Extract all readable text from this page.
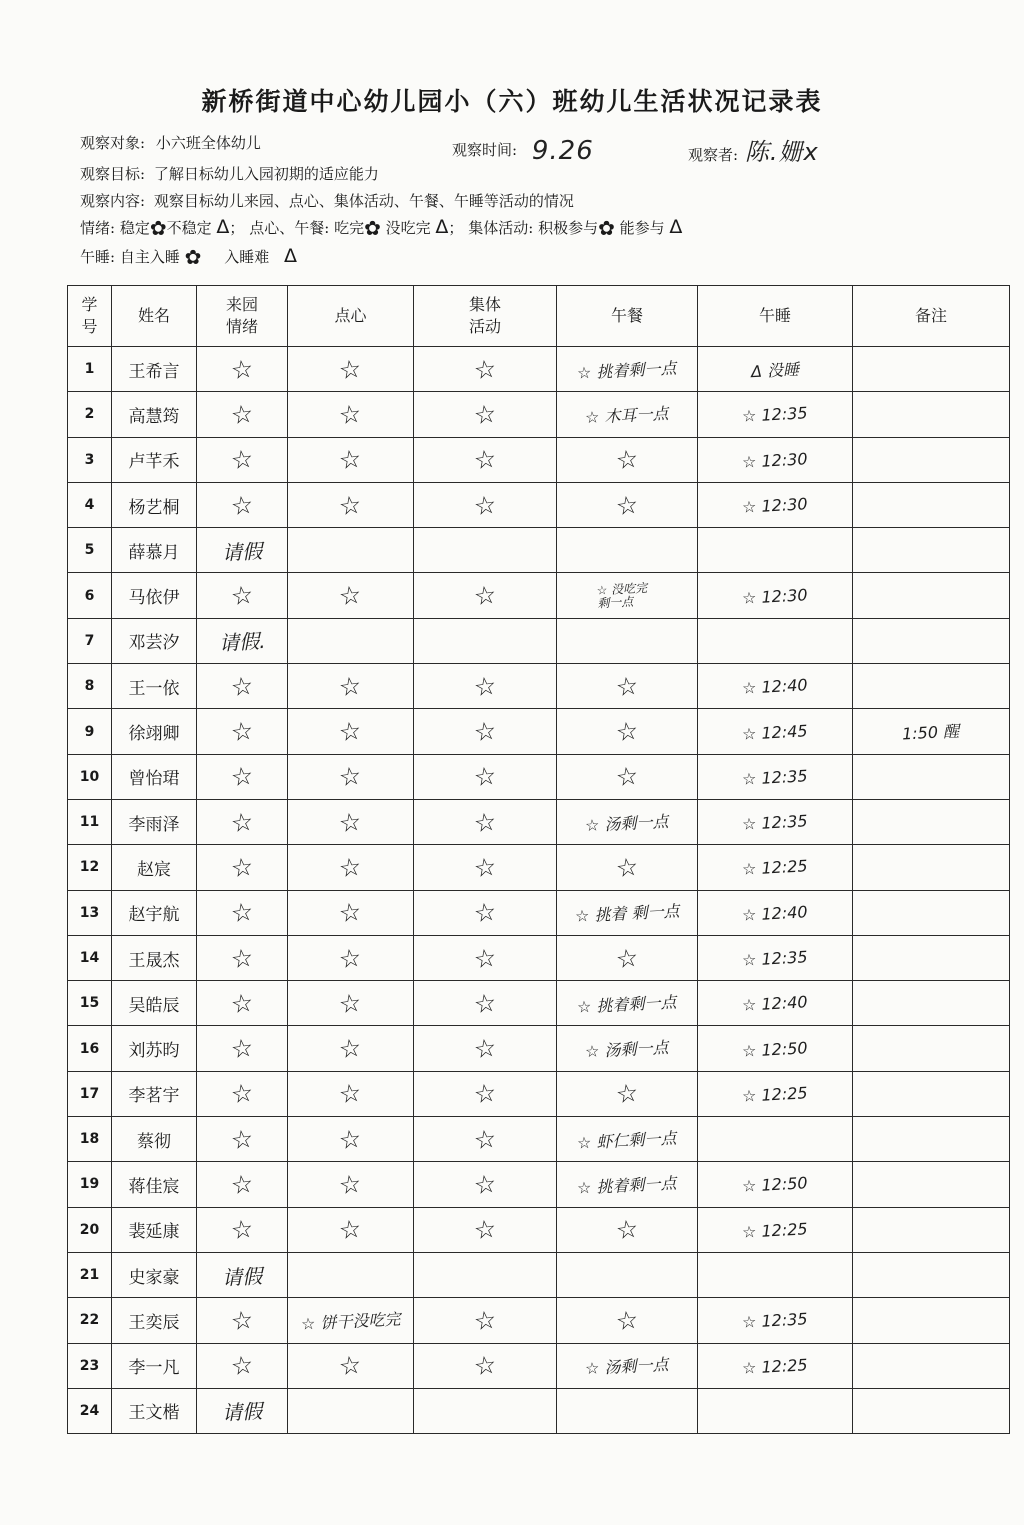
新桥街道中心幼儿园小（六）班幼儿生活状况记录表
观察对象: 小六班全体幼儿	观察时间: 9.26	观察者: 陈.姗x
观察目标: 了解日标幼儿入园初期的适应能力
观察内容: 观察目标幼儿来园、点心、集体活动、午餐、午睡等活动的情况
情绪: 稳定✿不稳定 Δ； 点心、午餐: 吃完✿ 没吃完 Δ； 集体活动: 积极参与✿ 能参与 Δ
午睡: 自主入睡 ✿ 入睡难 Δ
学号	姓名	来园情绪	点心	集体活动	午餐	午睡	备注
1	王希言	☆	☆	☆	☆ 挑着剩一点	Δ 没睡	
2	高慧筠	☆	☆	☆	☆ 木耳一点	☆ 12:35	
3	卢芊禾	☆	☆	☆	☆	☆ 12:30	
4	杨艺桐	☆	☆	☆	☆	☆ 12:30	
5	薛慕月	请假					
6	马依伊	☆	☆	☆	☆ 没吃完 剩一点	☆ 12:30	
7	邓芸汐	请假.					
8	王一依	☆	☆	☆	☆	☆ 12:40	
9	徐翊卿	☆	☆	☆	☆	☆ 12:45	1:50 醒
10	曾怡珺	☆	☆	☆	☆	☆ 12:35	
11	李雨泽	☆	☆	☆	☆ 汤剩一点	☆ 12:35	
12	赵宸	☆	☆	☆	☆	☆ 12:25	
13	赵宇航	☆	☆	☆	☆ 挑着 剩一点	☆ 12:40	
14	王晟杰	☆	☆	☆	☆	☆ 12:35	
15	吴皓辰	☆	☆	☆	☆ 挑着剩一点	☆ 12:40	
16	刘苏昀	☆	☆	☆	☆ 汤剩一点	☆ 12:50	
17	李茗宇	☆	☆	☆	☆	☆ 12:25	
18	蔡彻	☆	☆	☆	☆ 虾仁剩一点		
19	蒋佳宸	☆	☆	☆	☆ 挑着剩一点	☆ 12:50	
20	裴延康	☆	☆	☆	☆	☆ 12:25	
21	史家豪	请假					
22	王奕辰	☆	☆ 饼干没吃完	☆	☆	☆ 12:35	
23	李一凡	☆	☆	☆	☆ 汤剩一点	☆ 12:25	
24	王文楷	请假					
